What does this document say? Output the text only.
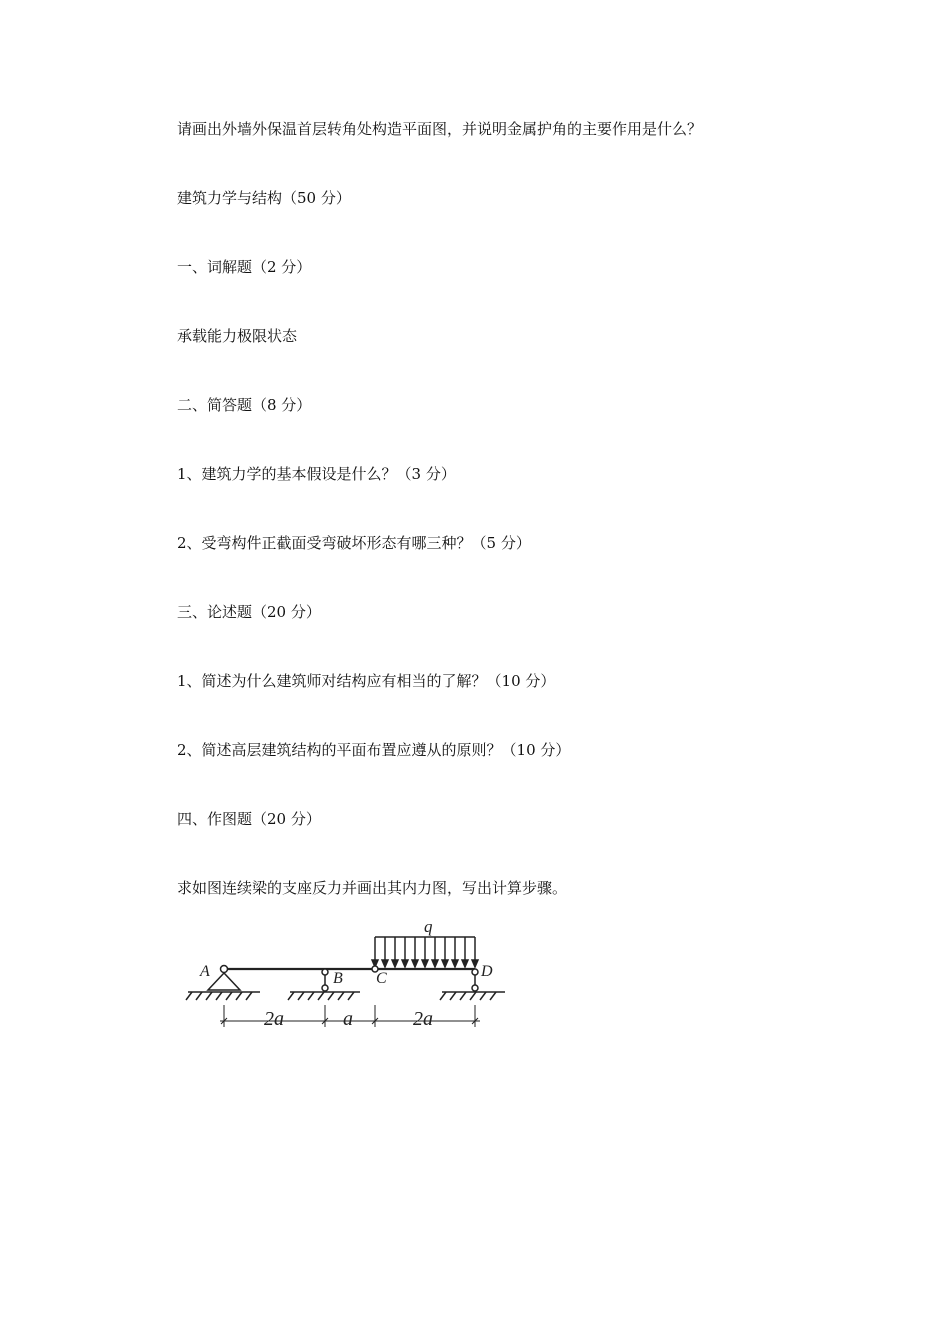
请画出外墙外保温首层转角处构造平面图，并说明金属护角的主要作用是什么？
建筑力学与结构（50 分）
一、词解题（2 分）
承载能力极限状态
二、简答题（8 分）
1、建筑力学的基本假设是什么？（3 分）
2、受弯构件正截面受弯破坏形态有哪三种？（5 分）
三、论述题（20 分）
1、简述为什么建筑师对结构应有相当的了解？（10 分）
2、简述高层建筑结构的平面布置应遵从的原则？（10 分）
四、作图题（20 分）
求如图连续梁的支座反力并画出其内力图，写出计算步骤。
q
A	B C	D
2a	a	2a
